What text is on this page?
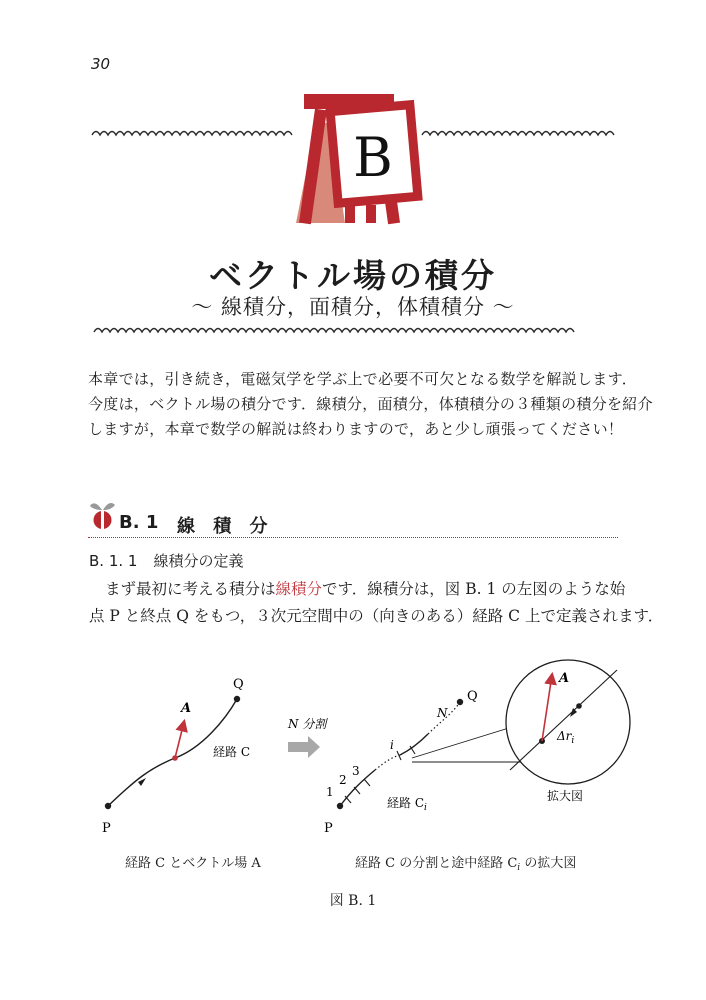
30
B
ベクトル場の積分
〜 線積分，面積分，体積積分 〜
本章では，引き続き，電磁気学を学ぶ上で必要不可欠となる数学を解説します．
今度は，ベクトル場の積分です．線積分，面積分，体積積分の３種類の積分を紹介
しますが，本章で数学の解説は終わりますので，あと少し頑張ってください！
B. 1 線 積 分
B. 1. 1 線積分の定義
まず最初に考える積分は線積分です．線積分は，図 B. 1 の左図のような始
点 P と終点 Q をもつ，３次元空間中の（向きのある）経路 C 上で定義されます．
P
Q
A
経路 C
N 分割
P
Q
N
1
2
3
i
経路 $C_i$
A
$\Delta r_i$
拡大図
経路 C とベクトル場 A	経路 C の分割と途中経路 $C_i$ の拡大図
図 B. 1
